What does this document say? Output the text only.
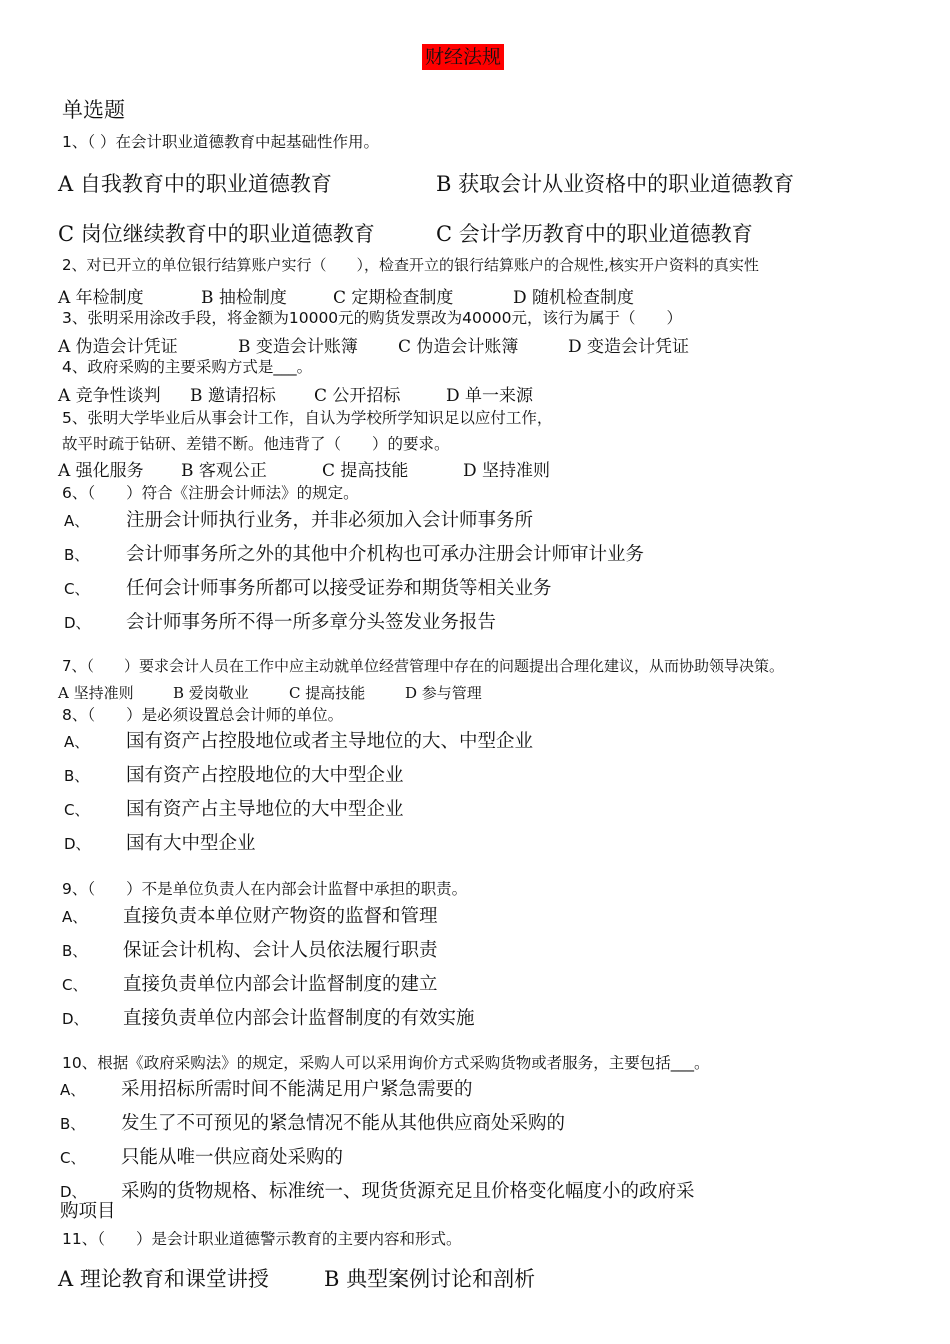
财经法规
单选题
1、（ ）在会计职业道德教育中起基础性作用。
A 自我教育中的职业道德教育	B 获取会计从业资格中的职业道德教育
C 岗位继续教育中的职业道德教育	C 会计学历教育中的职业道德教育
2、对已开立的单位银行结算账户实行（　　），检查开立的银行结算账户的合规性,核实开户资料的真实性
A 年检制度	B 抽检制度	C 定期检查制度	D 随机检查制度
3、张明采用涂改手段，将金额为10000元的购货发票改为40000元，该行为属于（　　）
A 伪造会计凭证	B 变造会计账簿 C 伪造会计账簿	D 变造会计凭证
4、政府采购的主要采购方式是___。
A 竞争性谈判 B 邀请招标 C 公开招标	D 单一来源
5、张明大学毕业后从事会计工作，自认为学校所学知识足以应付工作，
故平时疏于钻研、差错不断。他违背了（　　）的要求。
A 强化服务 B 客观公正	C 提高技能	D 坚持准则
6、（　　）符合《注册会计师法》的规定。
A、 注册会计师执行业务，并非必须加入会计师事务所
B、 会计师事务所之外的其他中介机构也可承办注册会计师审计业务
C、 任何会计师事务所都可以接受证券和期货等相关业务
D、 会计师事务所不得一所多章分头签发业务报告
7、（　　）要求会计人员在工作中应主动就单位经营管理中存在的问题提出合理化建议，从而协助领导决策。
A 坚持准则	B 爱岗敬业	C 提高技能	D 参与管理
8、（　　）是必须设置总会计师的单位。
A、 国有资产占控股地位或者主导地位的大、中型企业
B、 国有资产占控股地位的大中型企业
C、 国有资产占主导地位的大中型企业
D、 国有大中型企业
9、（　　）不是单位负责人在内部会计监督中承担的职责。
A、 直接负责本单位财产物资的监督和管理
B、 保证会计机构、会计人员依法履行职责
C、 直接负责单位内部会计监督制度的建立
D、 直接负责单位内部会计监督制度的有效实施
10、根据《政府采购法》的规定，采购人可以采用询价方式采购货物或者服务，主要包括___。
A、 采用招标所需时间不能满足用户紧急需要的
B、 发生了不可预见的紧急情况不能从其他供应商处采购的
C、 只能从唯一供应商处采购的
D、 采购的货物规格、标准统一、现货货源充足且价格变化幅度小的政府采
购项目
11、（　　）是会计职业道德警示教育的主要内容和形式。
A 理论教育和课堂讲授	B 典型案例讨论和剖析
